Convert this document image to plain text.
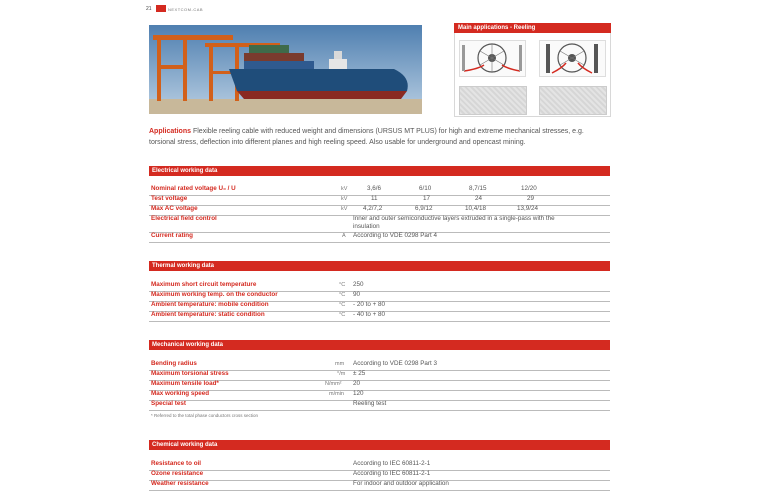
21	NEXTCOM-CAB
Main applications - Reeling
Applications Flexible reeling cable with reduced weight and dimensions (URSUS MT PLUS) for high and extreme mechanical stresses, e.g. torsional stress, deflection into different planes and high reeling speed. Also usable for underground and opencast mining.
Electrical working data
Nominal rated voltage U₀ / U	kV	3,6/6	6/10	8,7/15	12/20
Test voltage	kV	11	17	24	29
Max AC voltage	kV 4,2/7,2	6,9/12	10,4/18	13,9/24
Electrical field control	Inner and outer semiconductive layers extruded in a single-pass with the insulation
Current rating	A According to VDE 0298 Part 4
Thermal working data
Maximum short circuit temperature	°C 250
Maximum working temp. on the conductor	°C 90
Ambient temperature: mobile condition	°C - 20 to + 80
Ambient temperature: static condition	°C - 40 to + 80
Mechanical working data
Bending radius	mm According to VDE 0298 Part 3
Maximum torsional stress	°/m ± 25
Maximum tensile load*	N/mm² 20
Max working speed	m/min 120
Special test	Reeling test
* Referred to the total phase conductors cross section
Chemical working data
Resistance to oil	According to IEC 60811-2-1
Ozone resistance	According to IEC 60811-2-1
Weather resistance	For indoor and outdoor application
